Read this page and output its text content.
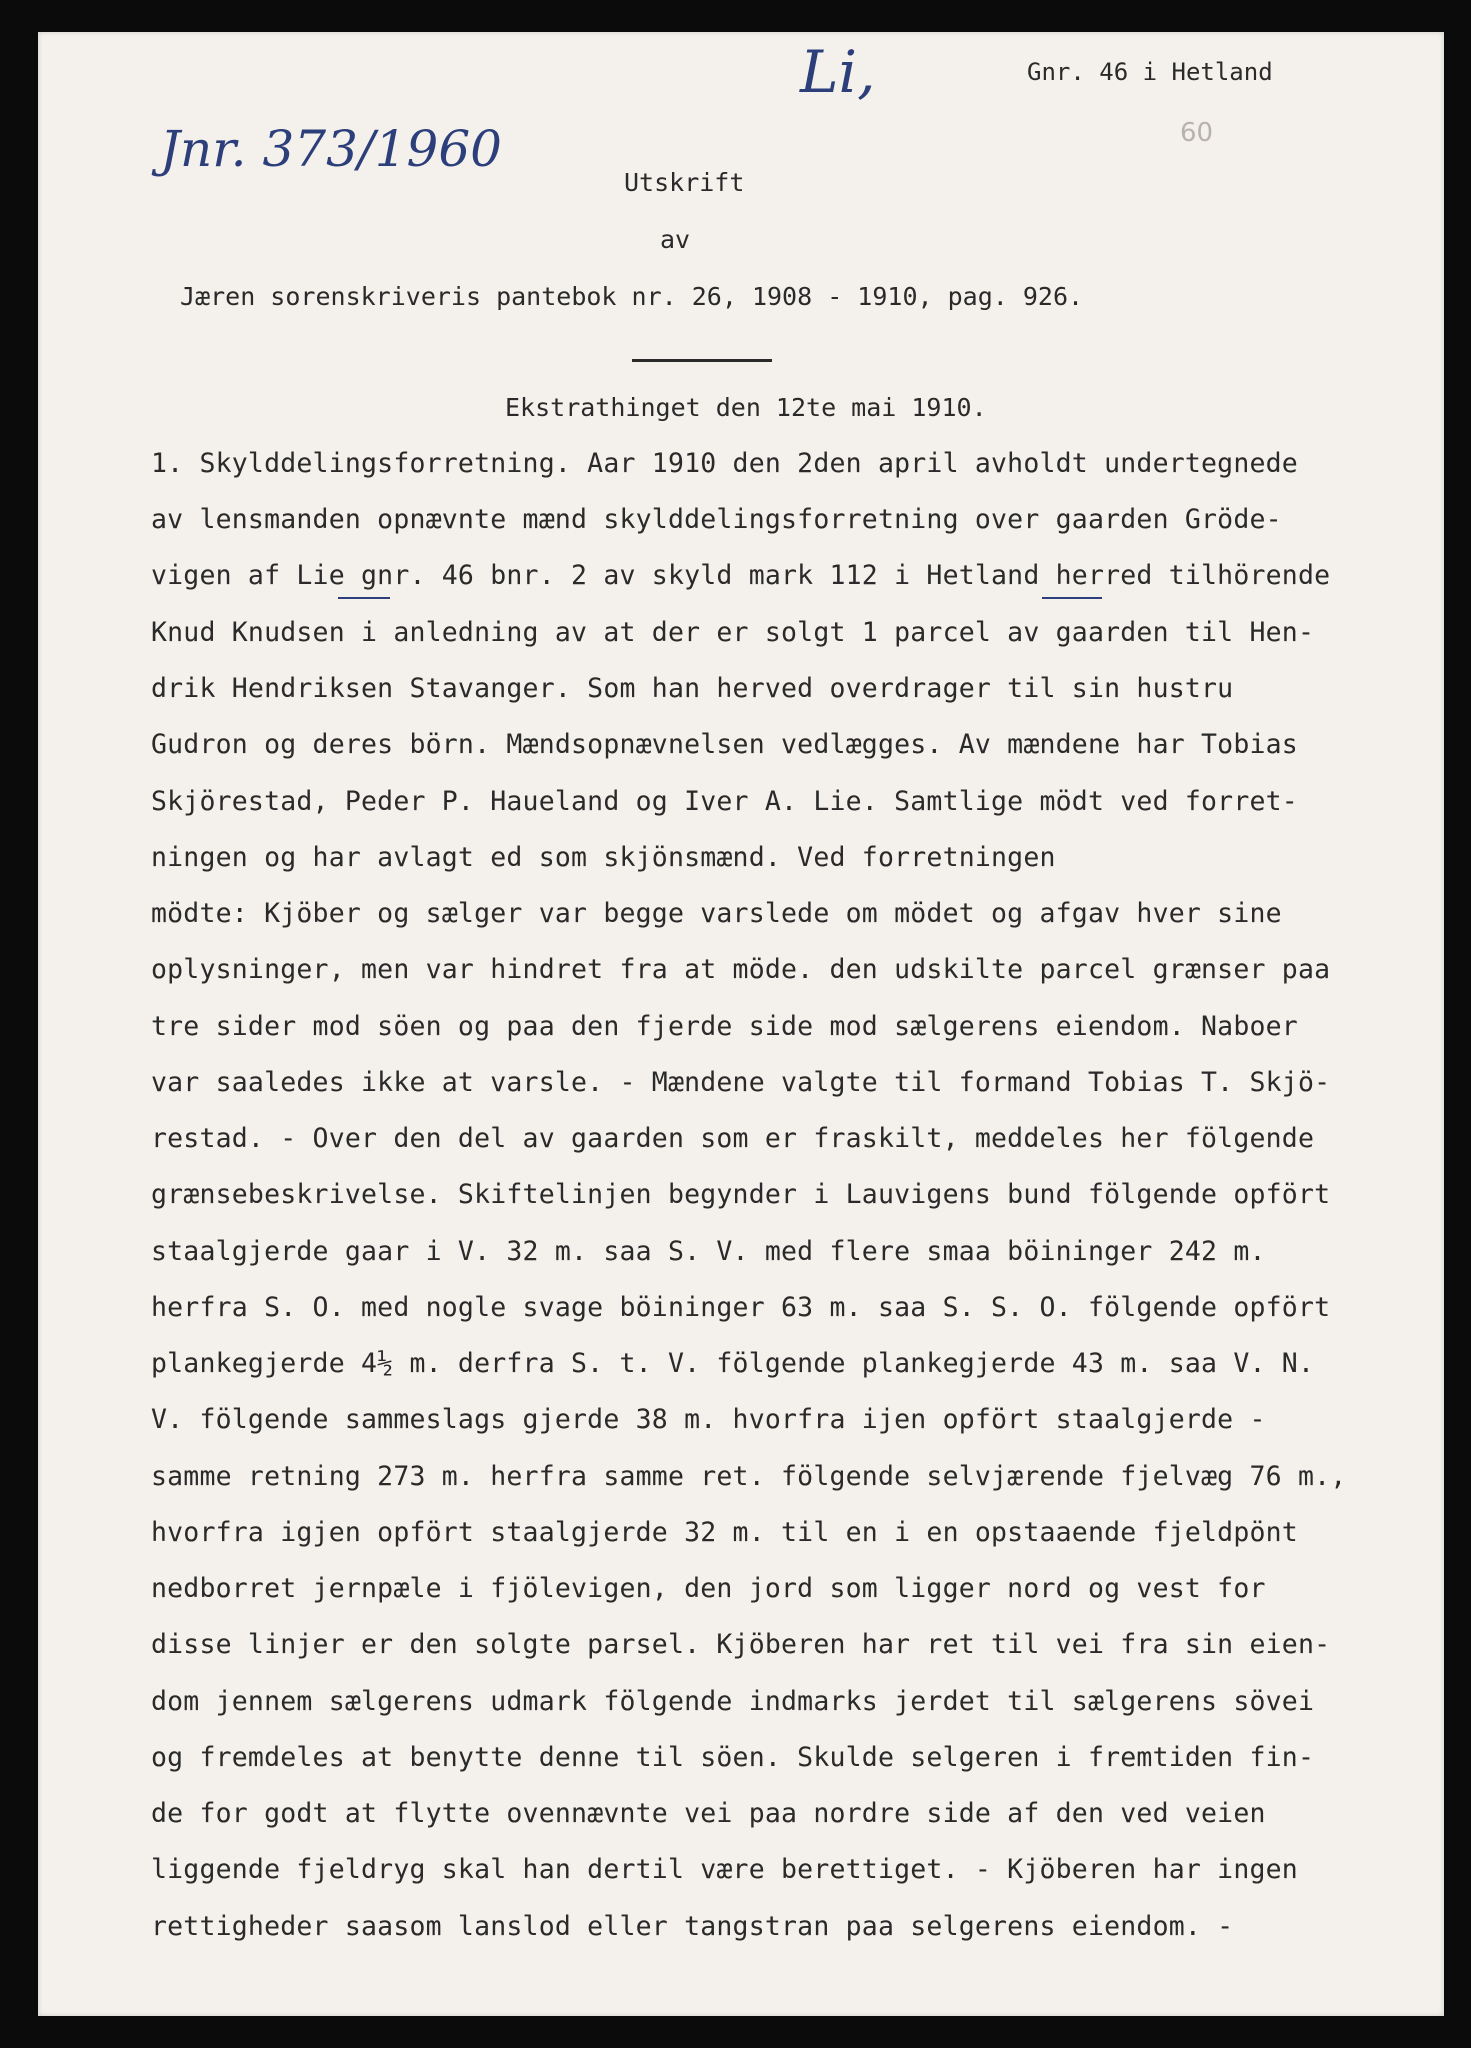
Li,
Jnr. 373/1960	60
Gnr. 46 i Hetland
Utskrift
av
Jæren sorenskriveris pantebok nr. 26, 1908 - 1910, pag. 926.
Ekstrathinget den 12te mai 1910.
1. Skylddelingsforretning. Aar 1910 den 2den april avholdt undertegnede
av lensmanden opnævnte mænd skylddelingsforretning over gaarden Gröde-
vigen af Lie gnr. 46 bnr. 2 av skyld mark 112 i Hetland herred tilhörende
Knud Knudsen i anledning av at der er solgt 1 parcel av gaarden til Hen-
drik Hendriksen Stavanger. Som han herved overdrager til sin hustru
Gudron og deres börn. Mændsopnævnelsen vedlægges. Av mændene har Tobias
Skjörestad, Peder P. Haueland og Iver A. Lie. Samtlige mödt ved forret-
ningen og har avlagt ed som skjönsmænd. Ved forretningen
mödte: Kjöber og sælger var begge varslede om mödet og afgav hver sine
oplysninger, men var hindret fra at möde. den udskilte parcel grænser paa
tre sider mod söen og paa den fjerde side mod sælgerens eiendom. Naboer
var saaledes ikke at varsle. - Mændene valgte til formand Tobias T. Skjö-
restad. - Over den del av gaarden som er fraskilt, meddeles her fölgende
grænsebeskrivelse. Skiftelinjen begynder i Lauvigens bund fölgende opfört
staalgjerde gaar i V. 32 m. saa S. V. med flere smaa böininger 242 m.
herfra S. O. med nogle svage böininger 63 m. saa S. S. O. fölgende opfört
plankegjerde 4½ m. derfra S. t. V. fölgende plankegjerde 43 m. saa V. N.
V. fölgende sammeslags gjerde 38 m. hvorfra ijen opfört staalgjerde -
samme retning 273 m. herfra samme ret. fölgende selvjærende fjelvæg 76 m.,
hvorfra igjen opfört staalgjerde 32 m. til en i en opstaaende fjeldpönt
nedborret jernpæle i fjölevigen, den jord som ligger nord og vest for
disse linjer er den solgte parsel. Kjöberen har ret til vei fra sin eien-
dom jennem sælgerens udmark fölgende indmarks jerdet til sælgerens sövei
og fremdeles at benytte denne til söen. Skulde selgeren i fremtiden fin-
de for godt at flytte ovennævnte vei paa nordre side af den ved veien
liggende fjeldryg skal han dertil være berettiget. - Kjöberen har ingen
rettigheder saasom lanslod eller tangstran paa selgerens eiendom. -
